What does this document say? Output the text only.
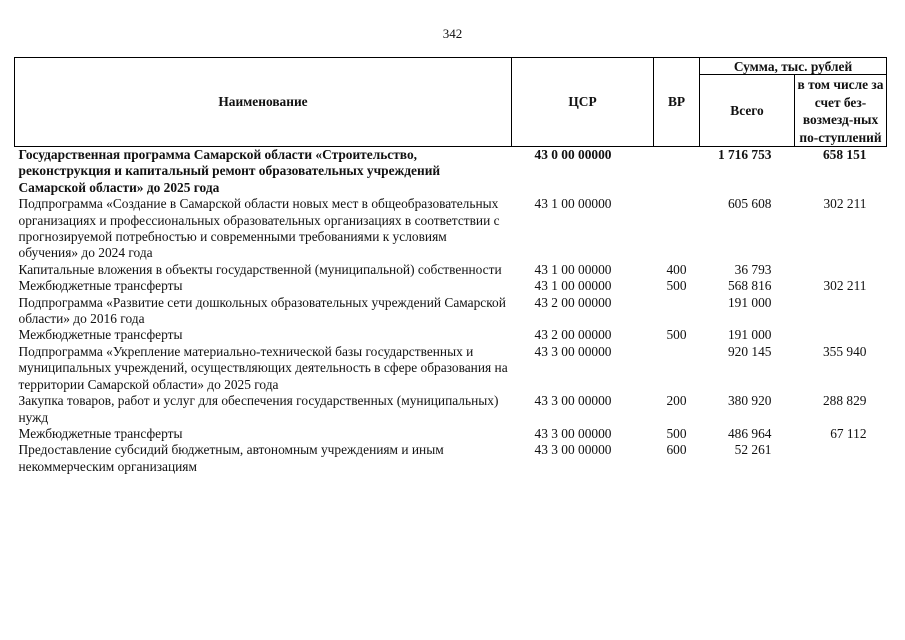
342
Наименование	ЦСР	ВР	Сумма, тыс. рублей	
			Всего	в том числе за счет без-возмезд-ных по-ступлений
Государственная программа Самарской области «Строительство, реконструкция и капитальный ремонт образовательных учреждений Самарской области» до 2025 года	43 0 00 00000		1 716 753	658 151
Подпрограмма «Создание в Самарской области новых мест в общеобразовательных организациях и профессиональных образовательных организациях в соответствии с прогнозируемой потребностью и современными требованиями к условиям обучения» до 2024 года	43 1 00 00000		605 608	302 211
Капитальные вложения в объекты государственной (муниципальной) собственности	43 1 00 00000	400	36 793	
Межбюджетные трансферты	43 1 00 00000	500	568 816	302 211
Подпрограмма «Развитие сети дошкольных образовательных учреждений Самарской области» до 2016 года	43 2 00 00000		191 000	
Межбюджетные трансферты	43 2 00 00000	500	191 000	
Подпрограмма «Укрепление материально-технической базы государственных и муниципальных учреждений, осуществляющих деятельность в сфере образования на территории Самарской области» до 2025 года	43 3 00 00000		920 145	355 940
Закупка товаров, работ и услуг для обеспечения государственных (муниципальных) нужд	43 3 00 00000	200	380 920	288 829
Межбюджетные трансферты	43 3 00 00000	500	486 964	67 112
Предоставление субсидий бюджетным, автономным учреждениям и иным некоммерческим организациям	43 3 00 00000	600	52 261	
